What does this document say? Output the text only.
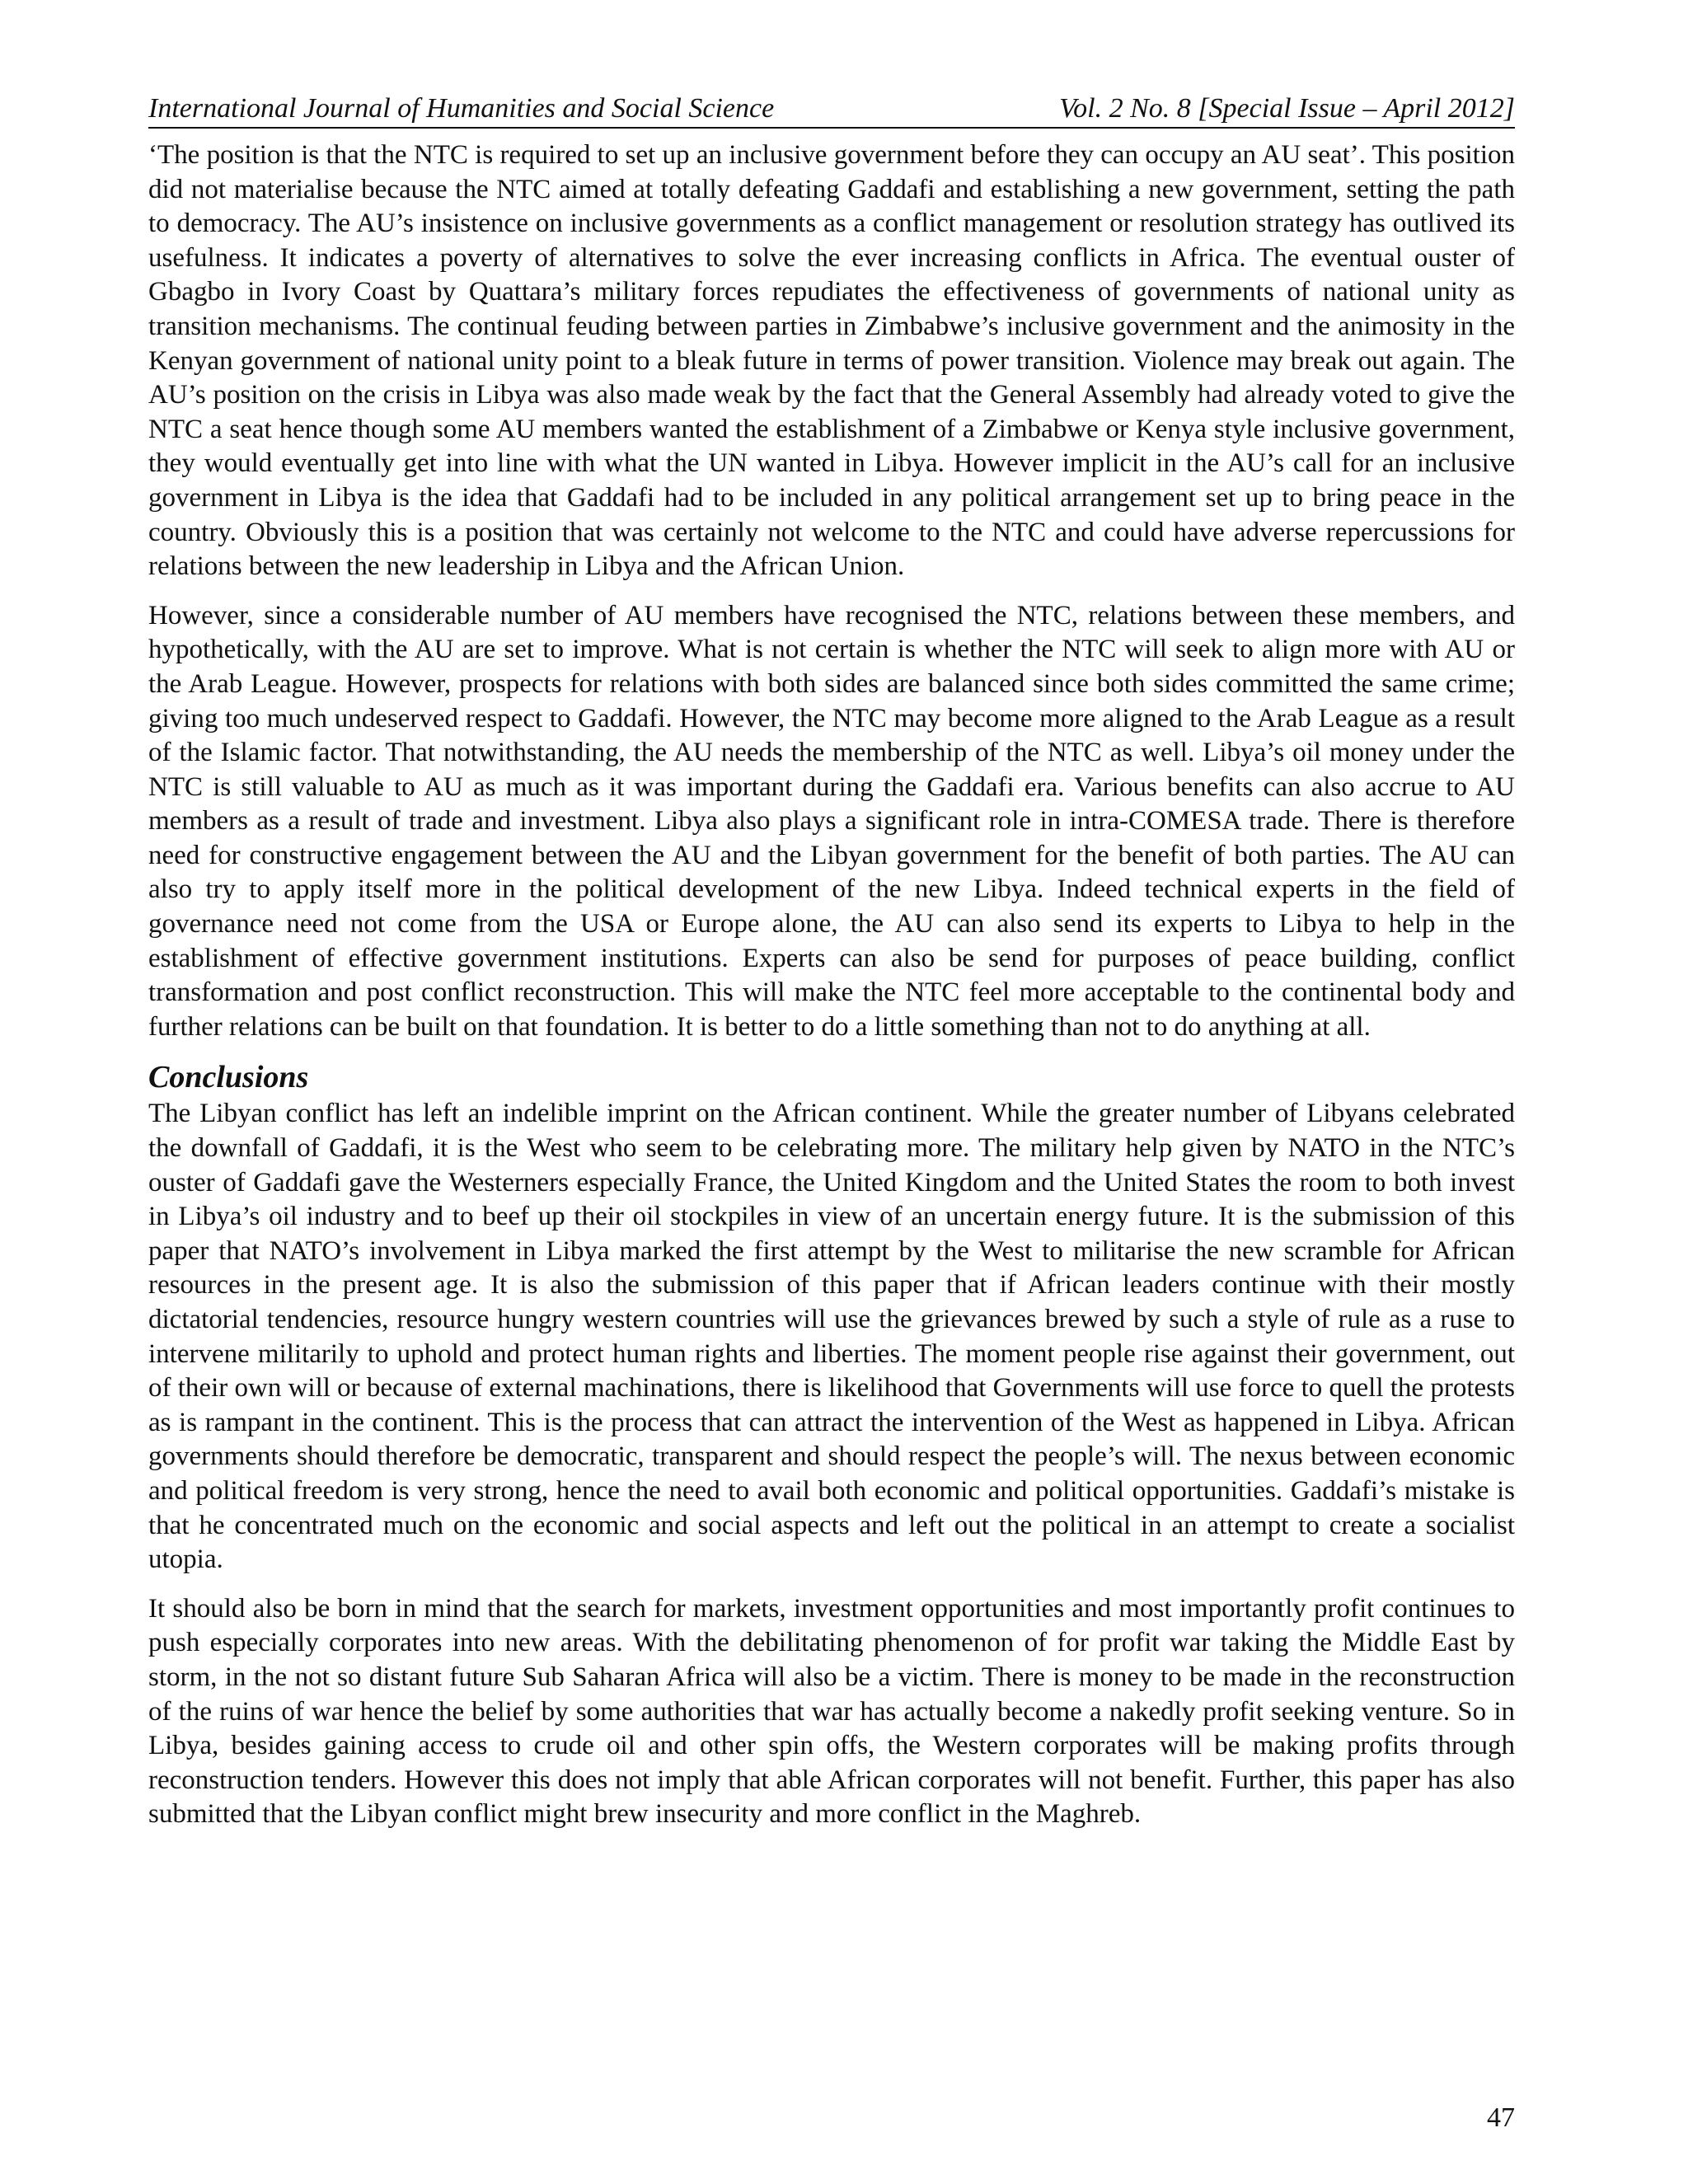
International Journal of Humanities and Social Science	Vol. 2 No. 8 [Special Issue – April 2012]

‘The position is that the NTC is required to set up an inclusive government before they can occupy an AU seat’. This position did not materialise because the NTC aimed at totally defeating Gaddafi and establishing a new government, setting the path to democracy. The AU’s insistence on inclusive governments as a conflict management or resolution strategy has outlived its usefulness. It indicates a poverty of alternatives to solve the ever increasing conflicts in Africa. The eventual ouster of Gbagbo in Ivory Coast by Quattara’s military forces repudiates the effectiveness of governments of national unity as transition mechanisms. The continual feuding between parties in Zimbabwe’s inclusive government and the animosity in the Kenyan government of national unity point to a bleak future in terms of power transition. Violence may break out again. The AU’s position on the crisis in Libya was also made weak by the fact that the General Assembly had already voted to give the NTC a seat hence though some AU members wanted the establishment of a Zimbabwe or Kenya style inclusive government, they would eventually get into line with what the UN wanted in Libya. However implicit in the AU’s call for an inclusive government in Libya is the idea that Gaddafi had to be included in any political arrangement set up to bring peace in the country. Obviously this is a position that was certainly not welcome to the NTC and could have adverse repercussions for relations between the new leadership in Libya and the African Union.

However, since a considerable number of AU members have recognised the NTC, relations between these members, and hypothetically, with the AU are set to improve. What is not certain is whether the NTC will seek to align more with AU or the Arab League. However, prospects for relations with both sides are balanced since both sides committed the same crime; giving too much undeserved respect to Gaddafi. However, the NTC may become more aligned to the Arab League as a result of the Islamic factor. That notwithstanding, the AU needs the membership of the NTC as well. Libya’s oil money under the NTC is still valuable to AU as much as it was important during the Gaddafi era. Various benefits can also accrue to AU members as a result of trade and investment. Libya also plays a significant role in intra-COMESA trade. There is therefore need for constructive engagement between the AU and the Libyan government for the benefit of both parties. The AU can also try to apply itself more in the political development of the new Libya. Indeed technical experts in the field of governance need not come from the USA or Europe alone, the AU can also send its experts to Libya to help in the establishment of effective government institutions. Experts can also be send for purposes of peace building, conflict transformation and post conflict reconstruction. This will make the NTC feel more acceptable to the continental body and further relations can be built on that foundation. It is better to do a little something than not to do anything at all.

Conclusions

The Libyan conflict has left an indelible imprint on the African continent. While the greater number of Libyans celebrated the downfall of Gaddafi, it is the West who seem to be celebrating more. The military help given by NATO in the NTC’s ouster of Gaddafi gave the Westerners especially France, the United Kingdom and the United States the room to both invest in Libya’s oil industry and to beef up their oil stockpiles in view of an uncertain energy future. It is the submission of this paper that NATO’s involvement in Libya marked the first attempt by the West to militarise the new scramble for African resources in the present age. It is also the submission of this paper that if African leaders continue with their mostly dictatorial tendencies, resource hungry western countries will use the grievances brewed by such a style of rule as a ruse to intervene militarily to uphold and protect human rights and liberties. The moment people rise against their government, out of their own will or because of external machinations, there is likelihood that Governments will use force to quell the protests as is rampant in the continent. This is the process that can attract the intervention of the West as happened in Libya. African governments should therefore be democratic, transparent and should respect the people’s will. The nexus between economic and political freedom is very strong, hence the need to avail both economic and political opportunities. Gaddafi’s mistake is that he concentrated much on the economic and social aspects and left out the political in an attempt to create a socialist utopia.

It should also be born in mind that the search for markets, investment opportunities and most importantly profit continues to push especially corporates into new areas. With the debilitating phenomenon of for profit war taking the Middle East by storm, in the not so distant future Sub Saharan Africa will also be a victim. There is money to be made in the reconstruction of the ruins of war hence the belief by some authorities that war has actually become a nakedly profit seeking venture. So in Libya, besides gaining access to crude oil and other spin offs, the Western corporates will be making profits through reconstruction tenders. However this does not imply that able African corporates will not benefit. Further, this paper has also submitted that the Libyan conflict might brew insecurity and more conflict in the Maghreb.

47
